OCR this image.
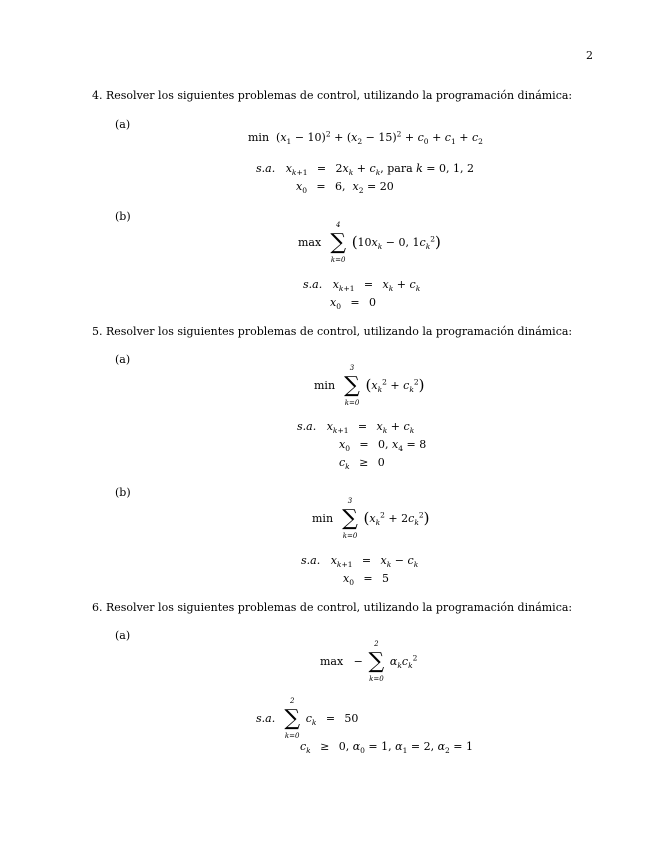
2
4. Resolver los siguientes problemas de control, utilizando la programación dinámica:
(a)
$\min (x_1 - 10)^2 + (x_2 - 15)^2 + c_0 + c_1 + c_2$
s.a. $x_{k+1} = 2x_k + c_k$, para k = 0, 1, 2
$x_0 = 6$,  $x_2 = 20$
(b)
max
4
∑
k=0
($10x_k - 0$, $1c_k^2$)
s.a. $x_{k+1} = x_k + c_k$
$x_0 = 0$
5. Resolver los siguientes problemas de control, utilizando la programación dinámica:
(a)
min
3
∑
k=0
$(x_k^2 + c_k^2)$
s.a. $x_{k+1} = x_k + c_k$
$x_0 = 0$, $x_4 = 8$
$c_k \ge 0$
(b)
min
3
∑
k=0
$(x_k^2 + 2c_k^2)$
s.a. $x_{k+1} = x_k - c_k$
$x_0 = 5$
6. Resolver los siguientes problemas de control, utilizando la programación dinámica:
(a)
max   −
2
∑
k=0
$\alpha_kc_k^2$
s.a.
2
∑
k=0
$c_k = 50$
$c_k \ge 0$, $\alpha_0 = 1$, $\alpha_1 = 2$, $\alpha_2 = 1$
